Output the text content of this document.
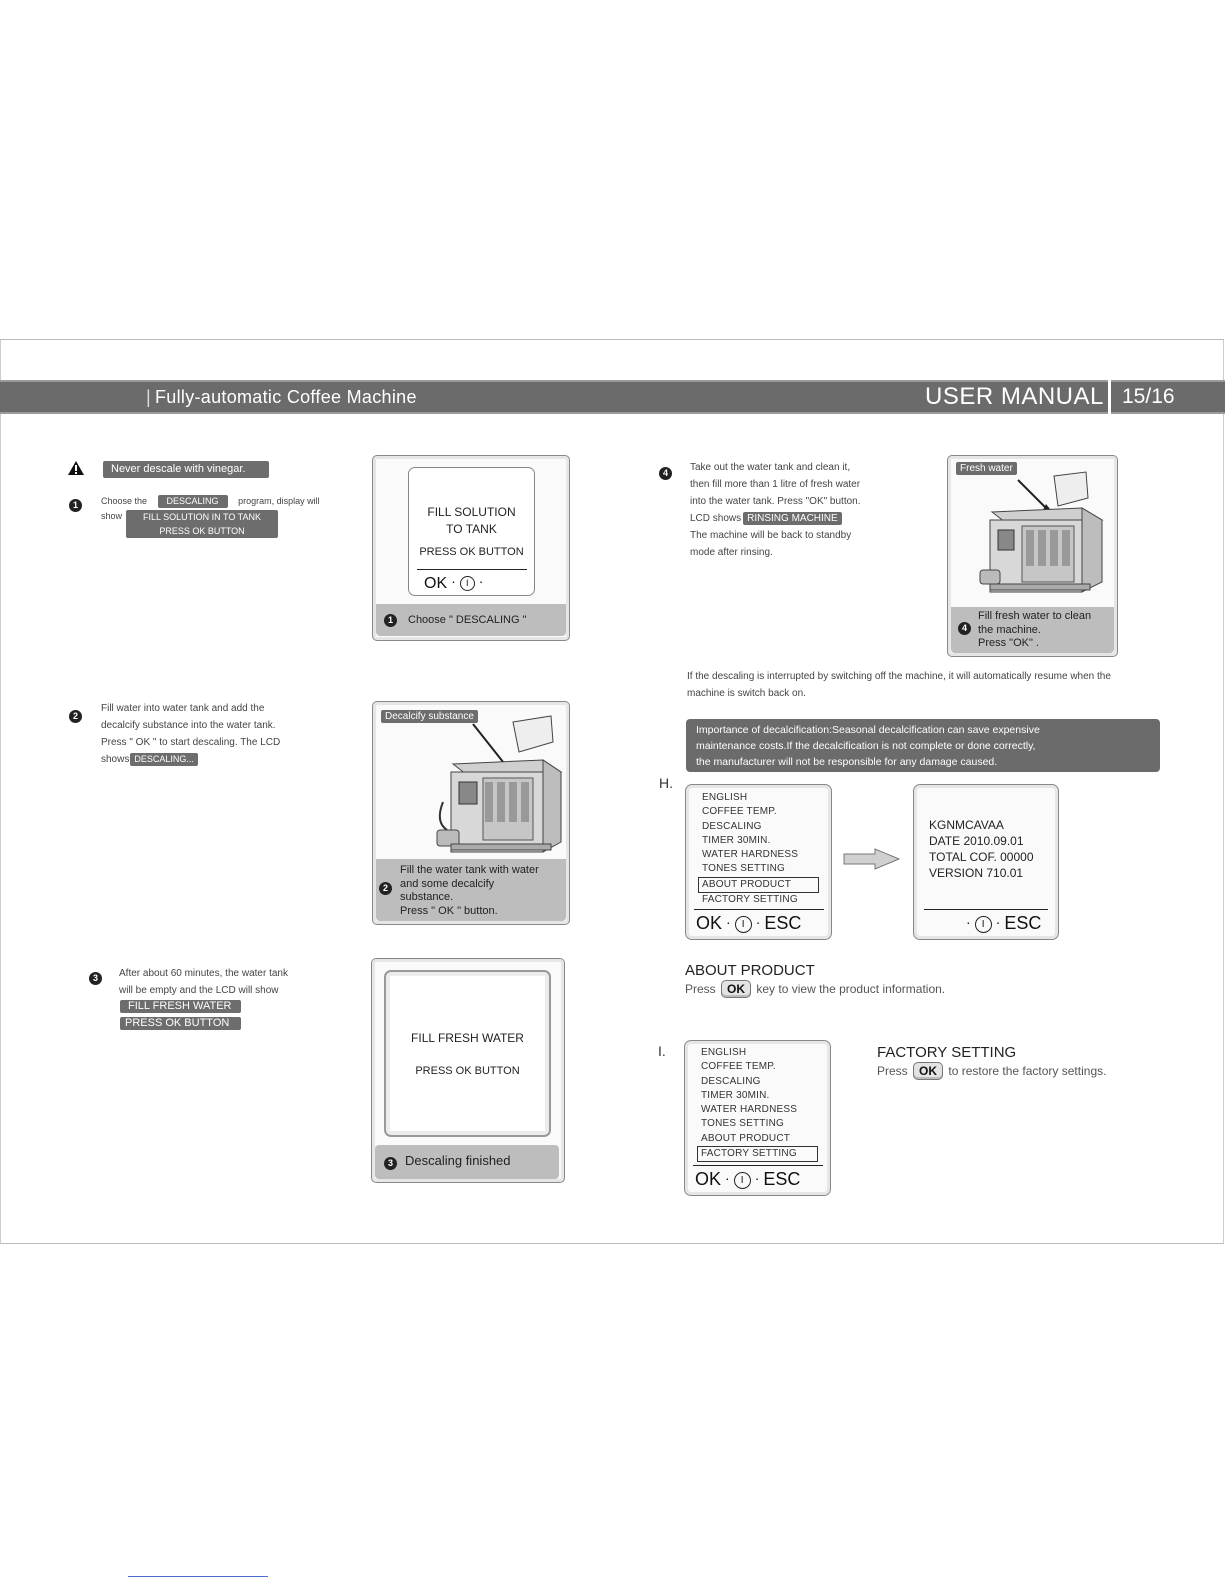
| Fully-automatic Coffee Machine	USER MANUAL 15/16
Never descale with vinegar.
1	Choose the DESCALING program, display will
show	FILL SOLUTION IN TO TANK
PRESS OK BUTTON
FILL SOLUTION
TO TANK
PRESS OK BUTTON
OK · I ·
1	Choose " DESCALING "
2
Fill water into water tank and add the
decalcify substance into the water tank.
Press " OK " to start descaling. The LCD
shows DESCALING...
Decalcify substance
2
Fill the water tank with water
and some decalcify
substance.
Press " OK " button.
3	After about 60 minutes, the water tank
will be empty and the LCD will show
FILL FRESH WATER
PRESS OK BUTTON
FILL FRESH WATER
PRESS OK BUTTON
3 Descaling finished
4	Take out the water tank and clean it,
then fill more than 1 litre of fresh water
into the water tank. Press "OK" button.
LCD shows RINSING MACHINE
The machine will be back to standby
mode after rinsing.
Fresh water
4
Fill fresh water to clean
the machine.
Press "OK" .
If the descaling is interrupted by switching off the machine, it will automatically resume when the
machine is switch back on.
Importance of decalcification:Seasonal decalcification can save expensive
maintenance costs.If the decalcification is not complete or done correctly,
the manufacturer will not be responsible for any damage caused.
H.
ENGLISH
COFFEE TEMP.
DESCALING
TIMER 30MIN.
WATER HARDNESS
TONES SETTING
ABOUT PRODUCT
FACTORY SETTING
OK · I · ESC
KGNMCAVAA
DATE 2010.09.01
TOTAL COF. 00000
VERSION 710.01
· I · ESC
ABOUT PRODUCT
Press OK key to view the product information.
I.	ENGLISH
COFFEE TEMP.
DESCALING
TIMER 30MIN.
WATER HARDNESS
TONES SETTING
ABOUT PRODUCT
FACTORY SETTING
OK · I · ESC
FACTORY SETTING
Press OK to restore the factory settings.
